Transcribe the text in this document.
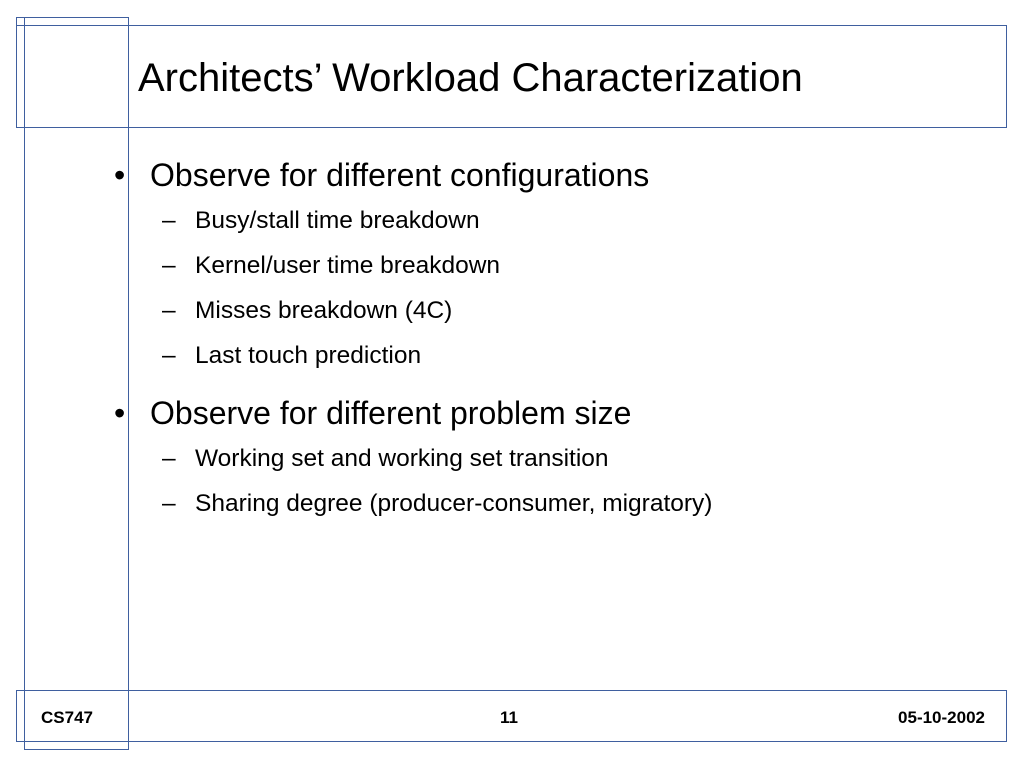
Architects’ Workload Characterization
• Observe for different configurations
– Busy/stall time breakdown
– Kernel/user time breakdown
– Misses breakdown (4C)
– Last touch prediction
• Observe for different problem size
– Working set and working set transition
– Sharing degree (producer-consumer, migratory)
CS747	11	05-10-2002
